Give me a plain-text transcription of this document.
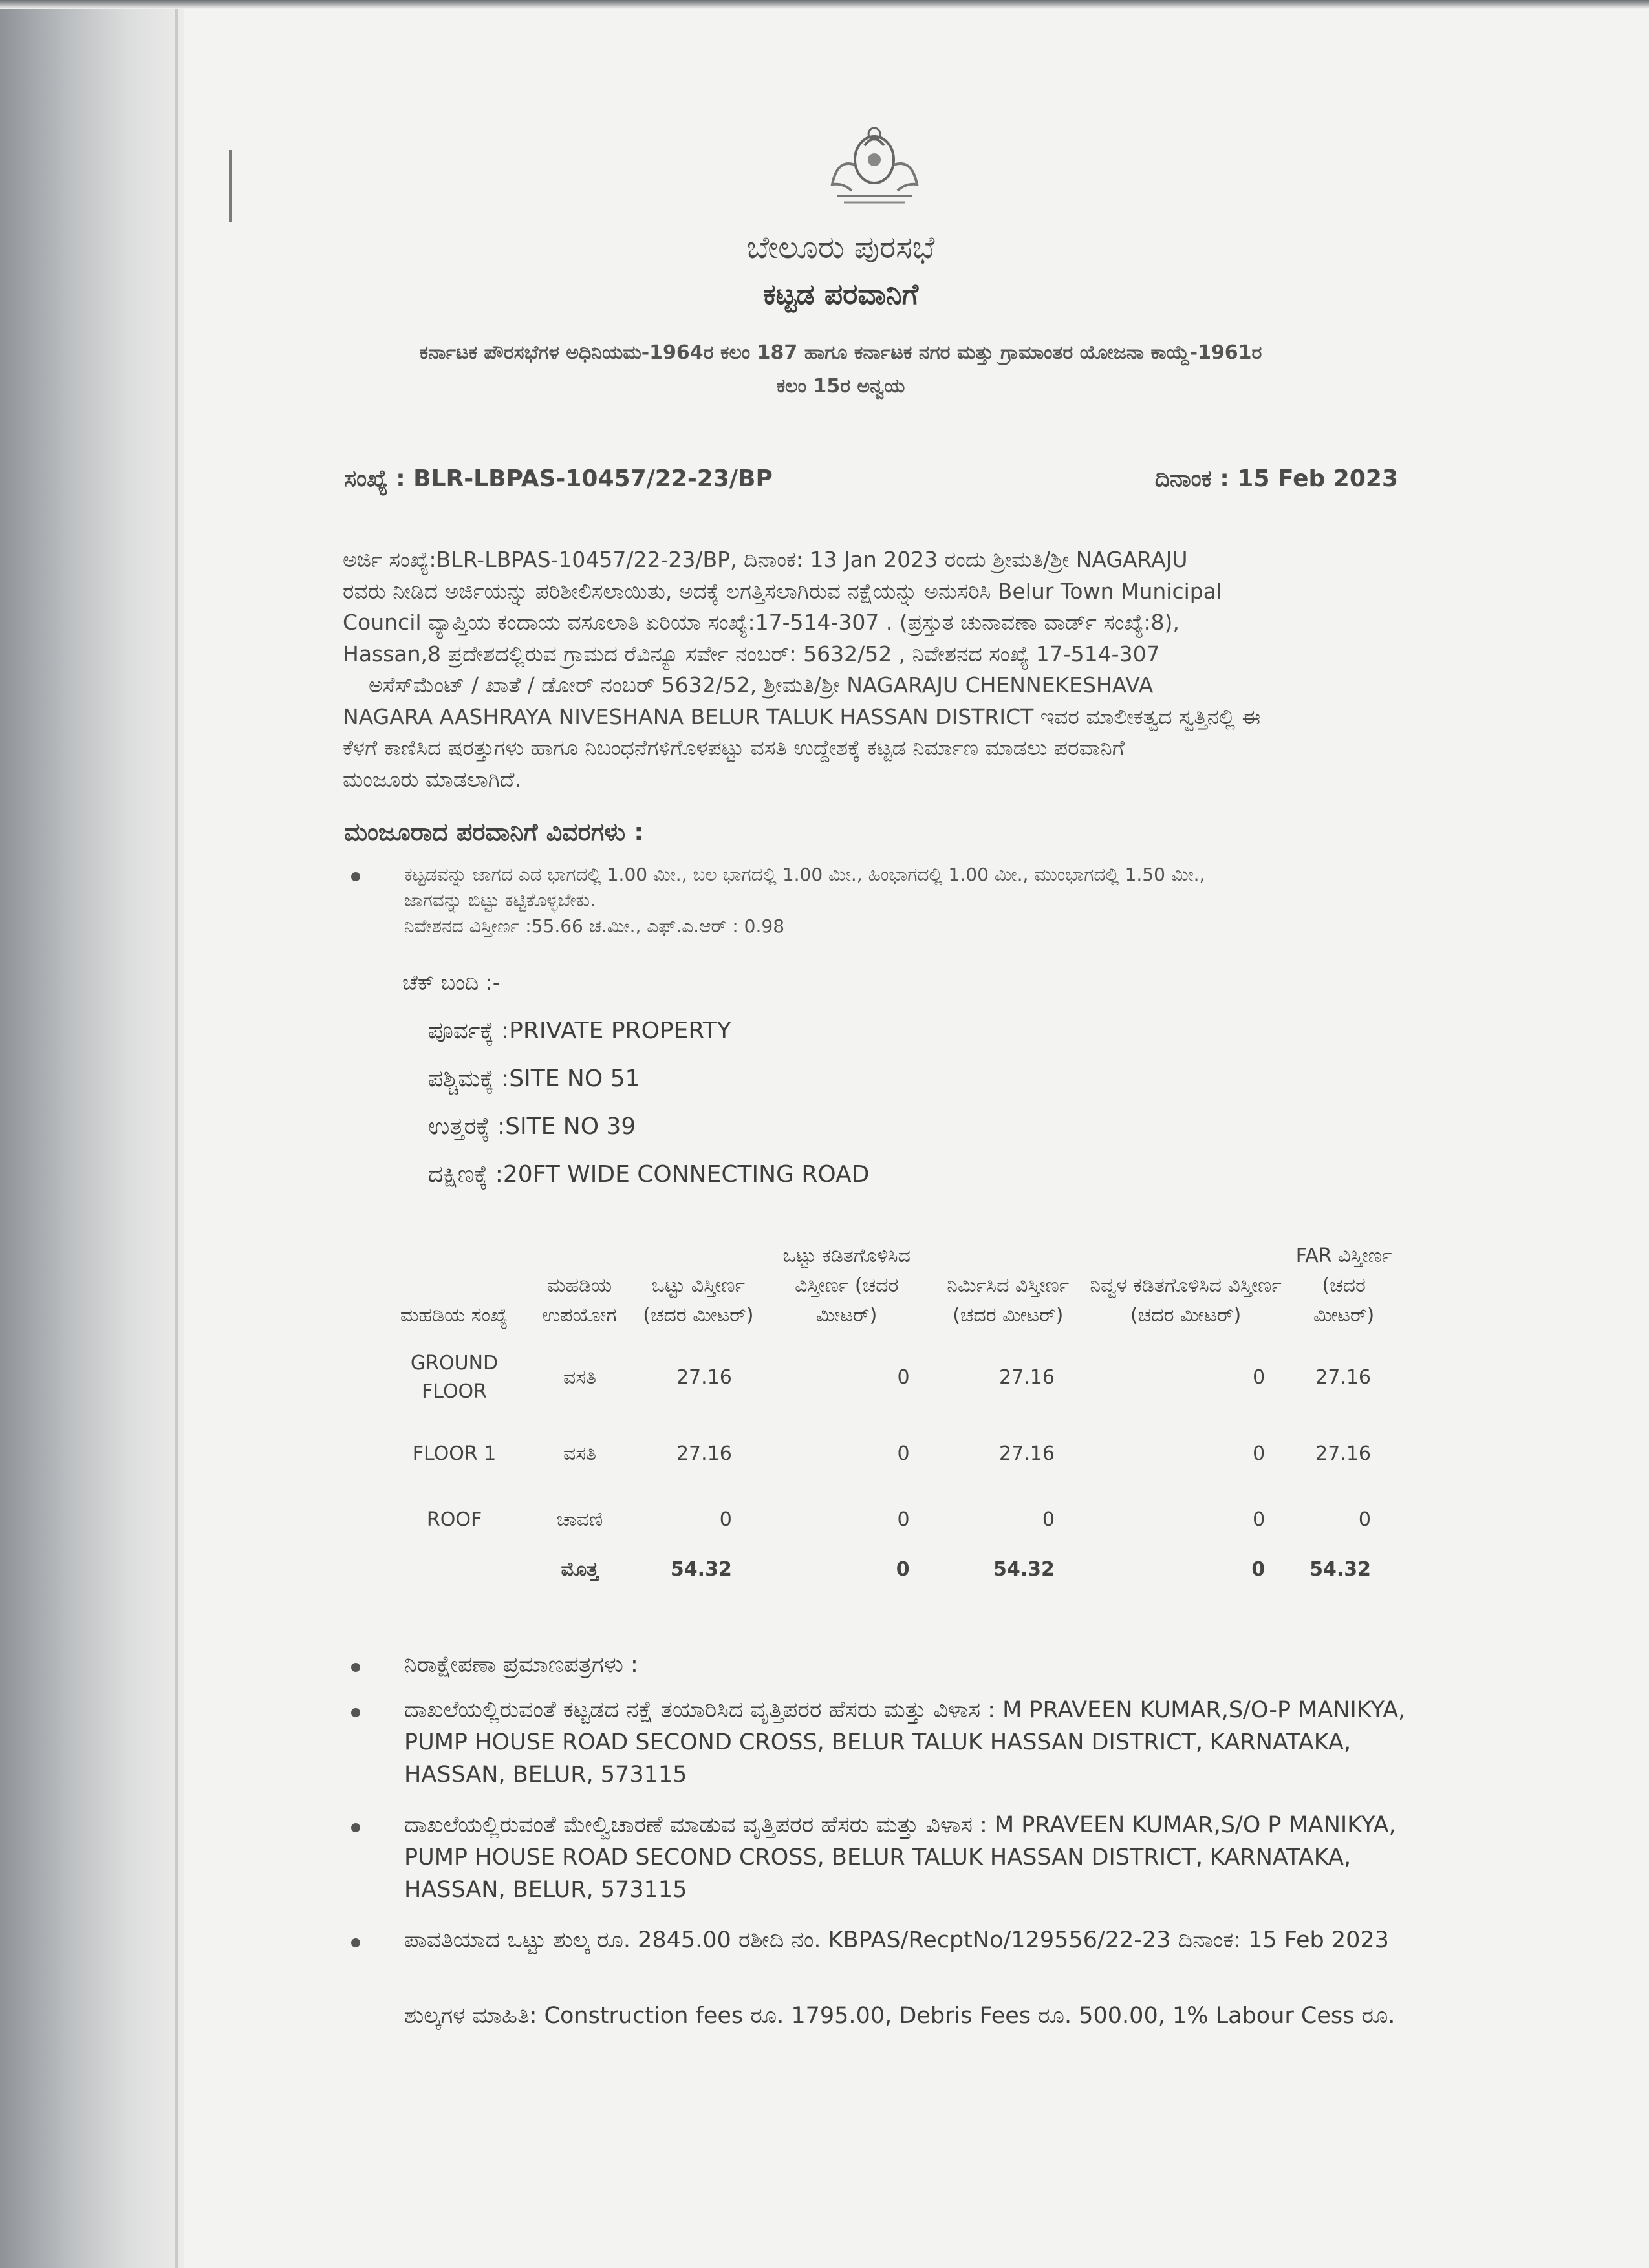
ಬೇಲೂರು ಪುರಸಭೆ
ಕಟ್ಟಡ ಪರವಾನಿಗೆ
ಕರ್ನಾಟಕ ಪೌರಸಭೆಗಳ ಅಧಿನಿಯಮ-1964ರ ಕಲಂ 187 ಹಾಗೂ ಕರ್ನಾಟಕ ನಗರ ಮತ್ತು ಗ್ರಾಮಾಂತರ ಯೋಜನಾ ಕಾಯ್ದೆ-1961ರ
ಕಲಂ 15ರ ಅನ್ವಯ
ಸಂಖ್ಯೆ : BLR-LBPAS-10457/22-23/BP	ದಿನಾಂಕ : 15 Feb 2023
ಅರ್ಜಿ ಸಂಖ್ಯೆ:BLR-LBPAS-10457/22-23/BP, ದಿನಾಂಕ: 13 Jan 2023 ರಂದು ಶ್ರೀಮತಿ/ಶ್ರೀ NAGARAJU
ರವರು ನೀಡಿದ ಅರ್ಜಿಯನ್ನು ಪರಿಶೀಲಿಸಲಾಯಿತು, ಅದಕ್ಕೆ ಲಗತ್ತಿಸಲಾಗಿರುವ ನಕ್ಷೆಯನ್ನು ಅನುಸರಿಸಿ Belur Town Municipal
Council ವ್ಯಾಪ್ತಿಯ ಕಂದಾಯ ವಸೂಲಾತಿ ಏರಿಯಾ ಸಂಖ್ಯೆ:17-514-307 . (ಪ್ರಸ್ತುತ ಚುನಾವಣಾ ವಾರ್ಡ್ ಸಂಖ್ಯೆ:8),
Hassan,8 ಪ್ರದೇಶದಲ್ಲಿರುವ ಗ್ರಾಮದ ರೆವಿನ್ಯೂ ಸರ್ವೇ ನಂಬರ್: 5632/52 , ನಿವೇಶನದ ಸಂಖ್ಯೆ 17-514-307
ಅಸೆಸ್‌ಮೆಂಟ್ / ಖಾತೆ / ಡೋರ್ ನಂಬರ್ 5632/52, ಶ್ರೀಮತಿ/ಶ್ರೀ NAGARAJU CHENNEKESHAVA
NAGARA AASHRAYA NIVESHANA BELUR TALUK HASSAN DISTRICT ಇವರ ಮಾಲೀಕತ್ವದ ಸ್ವತ್ತಿನಲ್ಲಿ ಈ
ಕೆಳಗೆ ಕಾಣಿಸಿದ ಷರತ್ತುಗಳು ಹಾಗೂ ನಿಬಂಧನೆಗಳಿಗೊಳಪಟ್ಟು ವಸತಿ ಉದ್ದೇಶಕ್ಕೆ ಕಟ್ಟಡ ನಿರ್ಮಾಣ ಮಾಡಲು ಪರವಾನಿಗೆ
ಮಂಜೂರು ಮಾಡಲಾಗಿದೆ.
ಮಂಜೂರಾದ ಪರವಾನಿಗೆ ವಿವರಗಳು :
ಕಟ್ಟಡವನ್ನು ಜಾಗದ ಎಡ ಭಾಗದಲ್ಲಿ 1.00 ಮೀ., ಬಲ ಭಾಗದಲ್ಲಿ 1.00 ಮೀ., ಹಿಂಭಾಗದಲ್ಲಿ 1.00 ಮೀ., ಮುಂಭಾಗದಲ್ಲಿ 1.50 ಮೀ.,
ಜಾಗವನ್ನು ಬಿಟ್ಟು ಕಟ್ಟಿಕೊಳ್ಳಬೇಕು.
ನಿವೇಶನದ ವಿಸ್ತೀರ್ಣ :55.66 ಚ.ಮೀ., ಎಫ್.ಎ.ಆರ್ : 0.98
ಚೆಕ್ ಬಂದಿ :-
ಪೂರ್ವಕ್ಕೆ :PRIVATE PROPERTY
ಪಶ್ಚಿಮಕ್ಕೆ :SITE NO 51
ಉತ್ತರಕ್ಕೆ :SITE NO 39
ದಕ್ಷಿಣಕ್ಕೆ :20FT WIDE CONNECTING ROAD
ಮಹಡಿಯ ಸಂಖ್ಯೆ	ಮಹಡಿಯ ಉಪಯೋಗ	ಒಟ್ಟು ವಿಸ್ತೀರ್ಣ (ಚದರ ಮೀಟರ್)	ಒಟ್ಟು ಕಡಿತಗೊಳಿಸಿದ ವಿಸ್ತೀರ್ಣ (ಚದರ ಮೀಟರ್)	ನಿರ್ಮಿಸಿದ ವಿಸ್ತೀರ್ಣ (ಚದರ ಮೀಟರ್)	ನಿವ್ವಳ ಕಡಿತಗೊಳಿಸಿದ ವಿಸ್ತೀರ್ಣ (ಚದರ ಮೀಟರ್)	FAR ವಿಸ್ತೀರ್ಣ (ಚದರ ಮೀಟರ್)
GROUND FLOOR	ವಸತಿ	27.16	0	27.16	0	27.16
FLOOR 1	ವಸತಿ	27.16	0	27.16	0	27.16
ROOF	ಚಾವಣಿ	0	0	0	0	0
	ಮೊತ್ತ	54.32	0	54.32	0	54.32
ನಿರಾಕ್ಷೇಪಣಾ ಪ್ರಮಾಣಪತ್ರಗಳು :
ದಾಖಲೆಯಲ್ಲಿರುವಂತೆ ಕಟ್ಟಡದ ನಕ್ಷೆ ತಯಾರಿಸಿದ ವೃತ್ತಿಪರರ ಹೆಸರು ಮತ್ತು ವಿಳಾಸ : M PRAVEEN KUMAR,S/O-P MANIKYA, PUMP HOUSE ROAD SECOND CROSS, BELUR TALUK HASSAN DISTRICT, KARNATAKA, HASSAN, BELUR, 573115
ದಾಖಲೆಯಲ್ಲಿರುವಂತೆ ಮೇಲ್ವಿಚಾರಣೆ ಮಾಡುವ ವೃತ್ತಿಪರರ ಹೆಸರು ಮತ್ತು ವಿಳಾಸ : M PRAVEEN KUMAR,S/O P MANIKYA, PUMP HOUSE ROAD SECOND CROSS, BELUR TALUK HASSAN DISTRICT, KARNATAKA, HASSAN, BELUR, 573115
ಪಾವತಿಯಾದ ಒಟ್ಟು ಶುಲ್ಕ ರೂ. 2845.00 ರಶೀದಿ ನಂ. KBPAS/RecptNo/129556/22-23 ದಿನಾಂಕ: 15 Feb 2023
ಶುಲ್ಕಗಳ ಮಾಹಿತಿ: Construction fees ರೂ. 1795.00, Debris Fees ರೂ. 500.00, 1% Labour Cess ರೂ.
